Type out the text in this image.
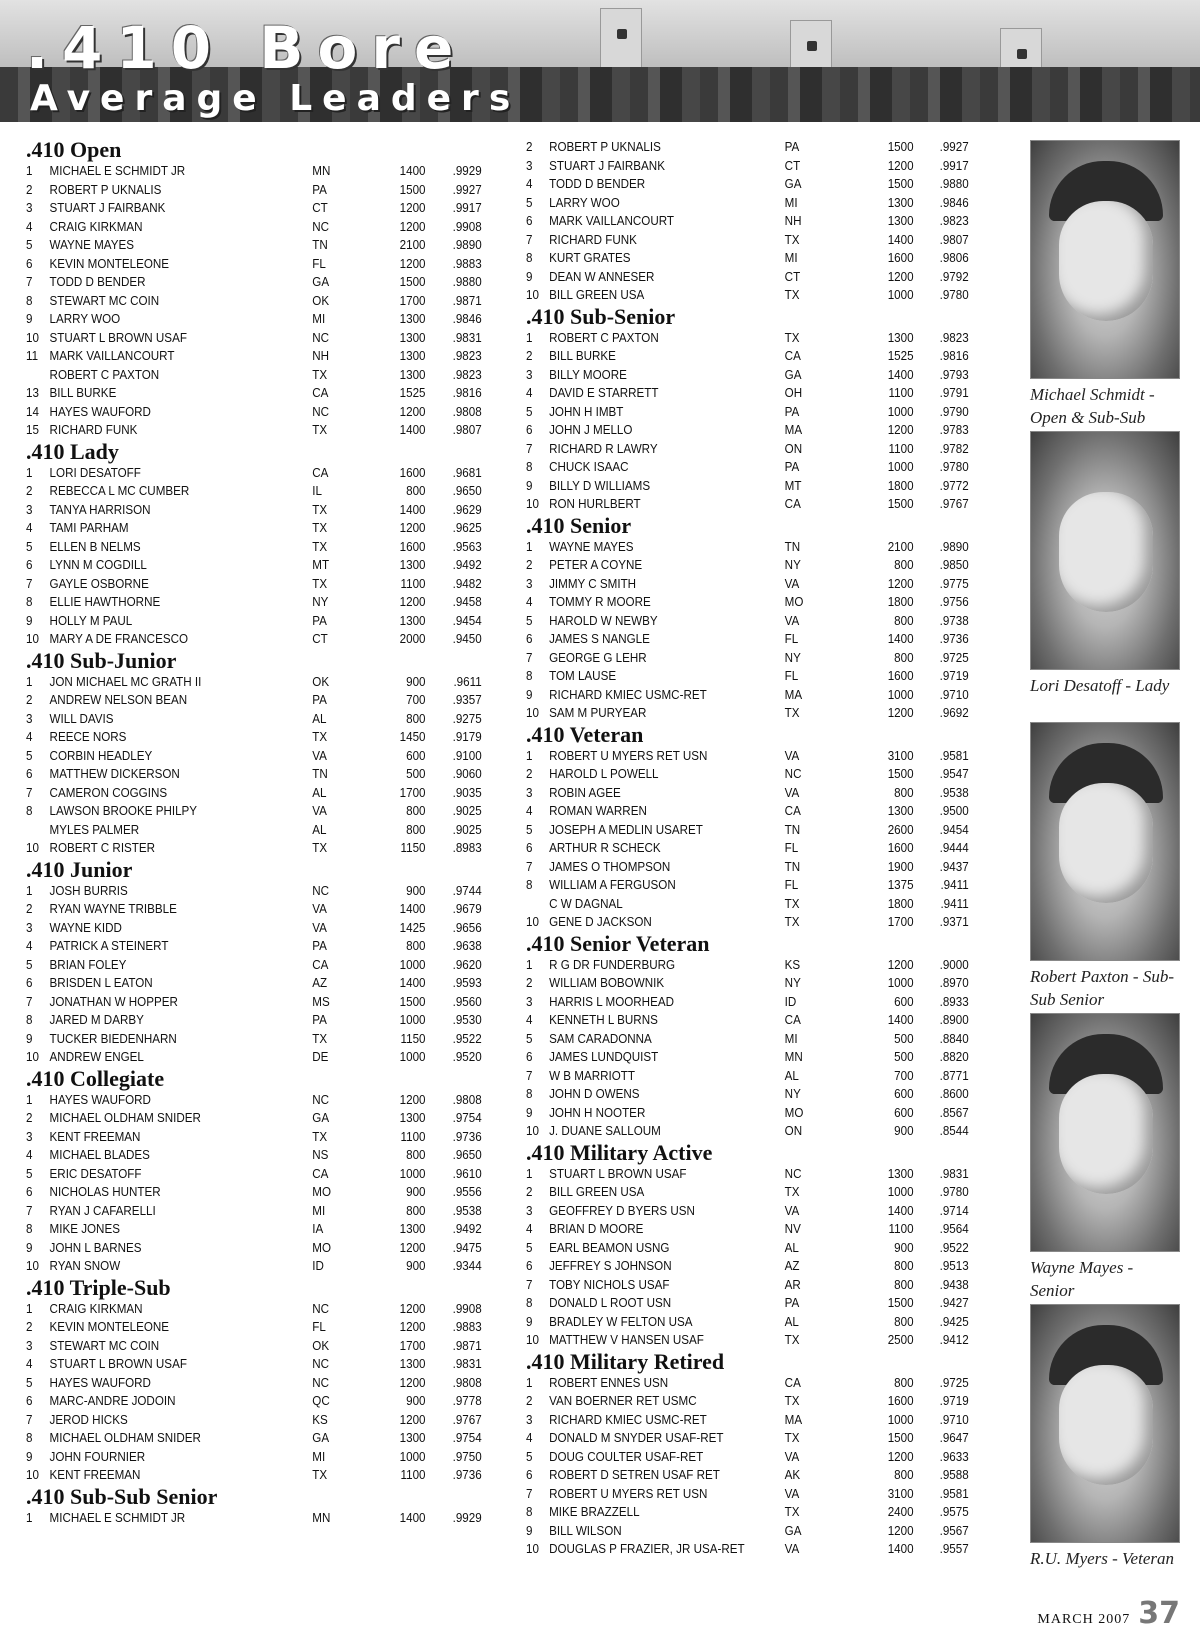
.410 Bore
Average Leaders
.410 Open
1	MICHAEL E SCHMIDT JR	MN	1400	.9929
2	ROBERT P UKNALIS	PA	1500	.9927
3	STUART J FAIRBANK	CT	1200	.9917
4	CRAIG KIRKMAN	NC	1200	.9908
5	WAYNE MAYES	TN	2100	.9890
6	KEVIN MONTELEONE	FL	1200	.9883
7	TODD D BENDER	GA	1500	.9880
8	STEWART MC COIN	OK	1700	.9871
9	LARRY WOO	MI	1300	.9846
10 STUART L BROWN USAF	NC	1300	.9831
11 MARK VAILLANCOURT	NH	1300	.9823
ROBERT C PAXTON	TX	1300	.9823
13 BILL BURKE	CA	1525	.9816
14 HAYES WAUFORD	NC	1200	.9808
15 RICHARD FUNK	TX	1400	.9807
.410 Lady
1	LORI DESATOFF	CA	1600	.9681
2	REBECCA L MC CUMBER	IL	800	.9650
3	TANYA HARRISON	TX	1400	.9629
4	TAMI PARHAM	TX	1200	.9625
5	ELLEN B NELMS	TX	1600	.9563
6	LYNN M COGDILL	MT	1300	.9492
7	GAYLE OSBORNE	TX	1100	.9482
8	ELLIE HAWTHORNE	NY	1200	.9458
9	HOLLY M PAUL	PA	1300	.9454
10 MARY A DE FRANCESCO	CT	2000	.9450
.410 Sub-Junior
1	JON MICHAEL MC GRATH II	OK	900	.9611
2	ANDREW NELSON BEAN	PA	700	.9357
3	WILL DAVIS	AL	800	.9275
4	REECE NORS	TX	1450	.9179
5	CORBIN HEADLEY	VA	600	.9100
6	MATTHEW DICKERSON	TN	500	.9060
7	CAMERON COGGINS	AL	1700	.9035
8	LAWSON BROOKE PHILPY	VA	800	.9025
MYLES PALMER	AL	800	.9025
10 ROBERT C RISTER	TX	1150	.8983
.410 Junior
1	JOSH BURRIS	NC	900	.9744
2	RYAN WAYNE TRIBBLE	VA	1400	.9679
3	WAYNE KIDD	VA	1425	.9656
4	PATRICK A STEINERT	PA	800	.9638
5	BRIAN FOLEY	CA	1000	.9620
6	BRISDEN L EATON	AZ	1400	.9593
7	JONATHAN W HOPPER	MS	1500	.9560
8	JARED M DARBY	PA	1000	.9530
9	TUCKER BIEDENHARN	TX	1150	.9522
10 ANDREW ENGEL	DE	1000	.9520
.410 Collegiate
1	HAYES WAUFORD	NC	1200	.9808
2	MICHAEL OLDHAM SNIDER	GA	1300	.9754
3	KENT FREEMAN	TX	1100	.9736
4	MICHAEL BLADES	NS	800	.9650
5	ERIC DESATOFF	CA	1000	.9610
6	NICHOLAS HUNTER	MO	900	.9556
7	RYAN J CAFARELLI	MI	800	.9538
8	MIKE JONES	IA	1300	.9492
9	JOHN L BARNES	MO	1200	.9475
10 RYAN SNOW	ID	900	.9344
.410 Triple-Sub
1	CRAIG KIRKMAN	NC	1200	.9908
2	KEVIN MONTELEONE	FL	1200	.9883
3	STEWART MC COIN	OK	1700	.9871
4	STUART L BROWN USAF	NC	1300	.9831
5	HAYES WAUFORD	NC	1200	.9808
6	MARC-ANDRE JODOIN	QC	900	.9778
7	JEROD HICKS	KS	1200	.9767
8	MICHAEL OLDHAM SNIDER	GA	1300	.9754
9	JOHN FOURNIER	MI	1000	.9750
10 KENT FREEMAN	TX	1100	.9736
.410 Sub-Sub Senior
1	MICHAEL E SCHMIDT JR	MN	1400	.9929
2	ROBERT P UKNALIS	PA	1500	.9927
3	STUART J FAIRBANK	CT	1200	.9917
4	TODD D BENDER	GA	1500	.9880
5	LARRY WOO	MI	1300	.9846
6	MARK VAILLANCOURT	NH	1300	.9823
7	RICHARD FUNK	TX	1400	.9807
8	KURT GRATES	MI	1600	.9806
9	DEAN W ANNESER	CT	1200	.9792
10 BILL GREEN USA	TX	1000	.9780
.410 Sub-Senior
1	ROBERT C PAXTON	TX	1300	.9823
2	BILL BURKE	CA	1525	.9816
3	BILLY MOORE	GA	1400	.9793
4	DAVID E STARRETT	OH	1100	.9791
5	JOHN H IMBT	PA	1000	.9790
6	JOHN J MELLO	MA	1200	.9783
7	RICHARD R LAWRY	ON	1100	.9782
8	CHUCK ISAAC	PA	1000	.9780
9	BILLY D WILLIAMS	MT	1800	.9772
10 RON HURLBERT	CA	1500	.9767
.410 Senior
1	WAYNE MAYES	TN	2100	.9890
2	PETER A COYNE	NY	800	.9850
3	JIMMY C SMITH	VA	1200	.9775
4	TOMMY R MOORE	MO	1800	.9756
5	HAROLD W NEWBY	VA	800	.9738
6	JAMES S NANGLE	FL	1400	.9736
7	GEORGE G LEHR	NY	800	.9725
8	TOM LAUSE	FL	1600	.9719
9	RICHARD KMIEC USMC-RET	MA	1000	.9710
10 SAM M PURYEAR	TX	1200	.9692
.410 Veteran
1	ROBERT U MYERS RET USN	VA	3100	.9581
2	HAROLD L POWELL	NC	1500	.9547
3	ROBIN AGEE	VA	800	.9538
4	ROMAN WARREN	CA	1300	.9500
5	JOSEPH A MEDLIN USARET	TN	2600	.9454
6	ARTHUR R SCHECK	FL	1600	.9444
7	JAMES O THOMPSON	TN	1900	.9437
8	WILLIAM A FERGUSON	FL	1375	.9411
C W DAGNAL	TX	1800	.9411
10 GENE D JACKSON	TX	1700	.9371
.410 Senior Veteran
1	R G DR FUNDERBURG	KS	1200	.9000
2	WILLIAM BOBOWNIK	NY	1000	.8970
3	HARRIS L MOORHEAD	ID	600	.8933
4	KENNETH L BURNS	CA	1400	.8900
5	SAM CARADONNA	MI	500	.8840
6	JAMES LUNDQUIST	MN	500	.8820
7	W B MARRIOTT	AL	700	.8771
8	JOHN D OWENS	NY	600	.8600
9	JOHN H NOOTER	MO	600	.8567
10 J. DUANE SALLOUM	ON	900	.8544
.410 Military Active
1	STUART L BROWN USAF	NC	1300	.9831
2	BILL GREEN USA	TX	1000	.9780
3	GEOFFREY D BYERS USN	VA	1400	.9714
4	BRIAN D MOORE	NV	1100	.9564
5	EARL BEAMON USNG	AL	900	.9522
6	JEFFREY S JOHNSON	AZ	800	.9513
7	TOBY NICHOLS USAF	AR	800	.9438
8	DONALD L ROOT USN	PA	1500	.9427
9	BRADLEY W FELTON USA	AL	800	.9425
10 MATTHEW V HANSEN USAF	TX	2500	.9412
.410 Military Retired
1	ROBERT ENNES USN	CA	800	.9725
2	VAN BOERNER RET USMC	TX	1600	.9719
3	RICHARD KMIEC USMC-RET	MA	1000	.9710
4	DONALD M SNYDER USAF-RET	TX	1500	.9647
5	DOUG COULTER USAF-RET	VA	1200	.9633
6	ROBERT D SETREN USAF RET	AK	800	.9588
7	ROBERT U MYERS RET USN	VA	3100	.9581
8	MIKE BRAZZELL	TX	2400	.9575
9	BILL WILSON	GA	1200	.9567
10 DOUGLAS P FRAZIER, JR USA-RET	VA	1400	.9557
Michael Schmidt - Open & Sub-Sub
Lori Desatoff - Lady
Robert Paxton - Sub-Sub Senior
Wayne Mayes - Senior
R.U. Myers - Veteran
MARCH 2007 37
